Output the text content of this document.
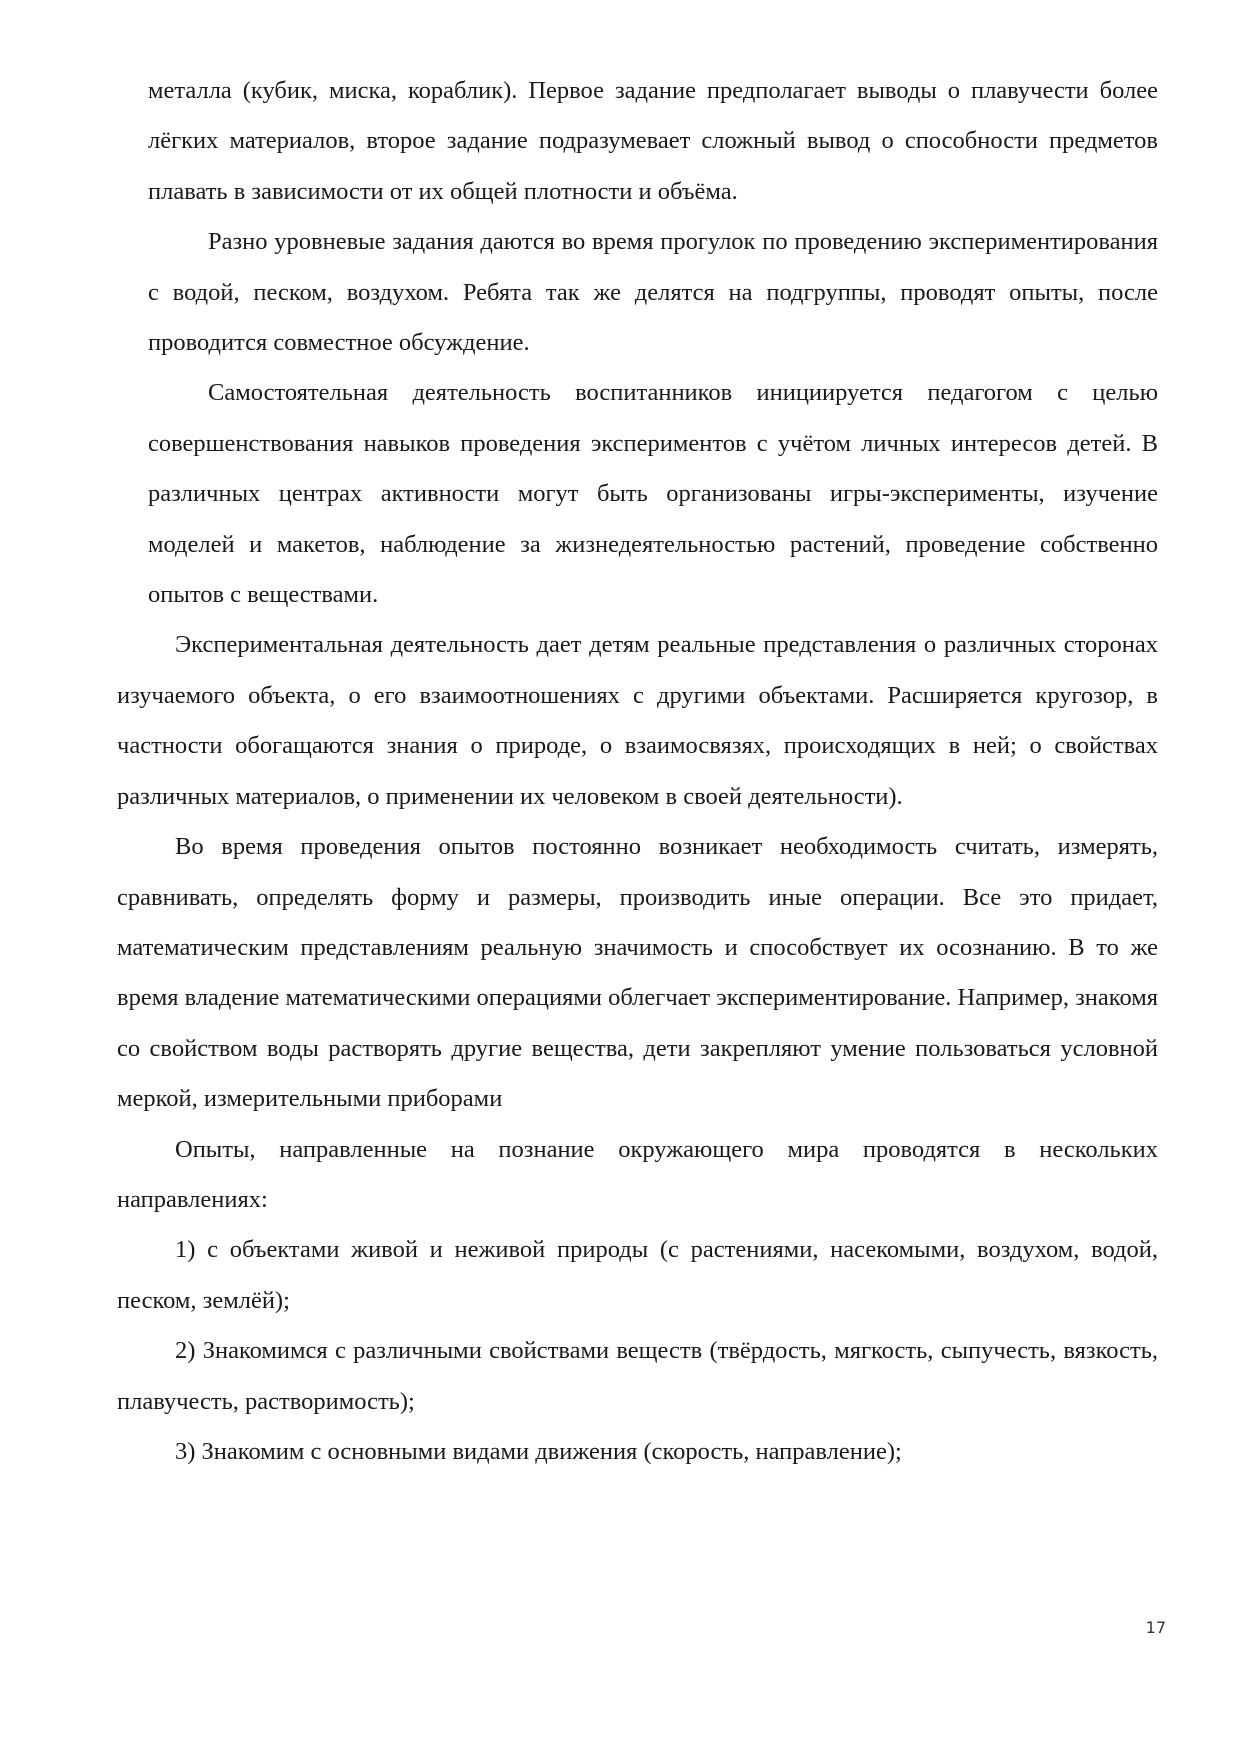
металла (кубик, миска, кораблик). Первое задание предполагает выводы о плавучести более лёгких материалов, второе задание подразумевает сложный вывод о способности предметов плавать в зависимости от их общей плотности и объёма.

Разно уровневые задания даются во время прогулок по проведению экспериментирования с водой, песком, воздухом. Ребята так же делятся на подгруппы, проводят опыты, после проводится совместное обсуждение.

Самостоятельная деятельность воспитанников инициируется педагогом с целью совершенствования навыков проведения экспериментов с учётом личных интересов детей. В различных центрах активности могут быть организованы игры-эксперименты, изучение моделей и макетов, наблюдение за жизнедеятельностью растений, проведение собственно опытов с веществами.

Экспериментальная деятельность дает детям реальные представления о различных сторонах изучаемого объекта, о его взаимоотношениях с другими объектами. Расширяется кругозор, в частности обогащаются знания о природе, о взаимосвязях, происходящих в ней; о свойствах различных материалов, о применении их человеком в своей деятельности).

Во время проведения опытов постоянно возникает необходимость считать, измерять, сравнивать, определять форму и размеры, производить иные операции. Все это придает, математическим представлениям реальную значимость и способствует их осознанию. В то же время владение математическими операциями облегчает экспериментирование. Например, знакомя со свойством воды растворять другие вещества, дети закрепляют умение пользоваться условной меркой, измерительными приборами

Опыты, направленные на познание окружающего мира проводятся в нескольких направлениях:

1) с объектами живой и неживой природы (с растениями, насекомыми, воздухом, водой, песком, землёй);

2) Знакомимся с различными свойствами веществ (твёрдость, мягкость, сыпучесть, вязкость, плавучесть, растворимость);

3) Знакомим с основными видами движения (скорость, направление);

17
